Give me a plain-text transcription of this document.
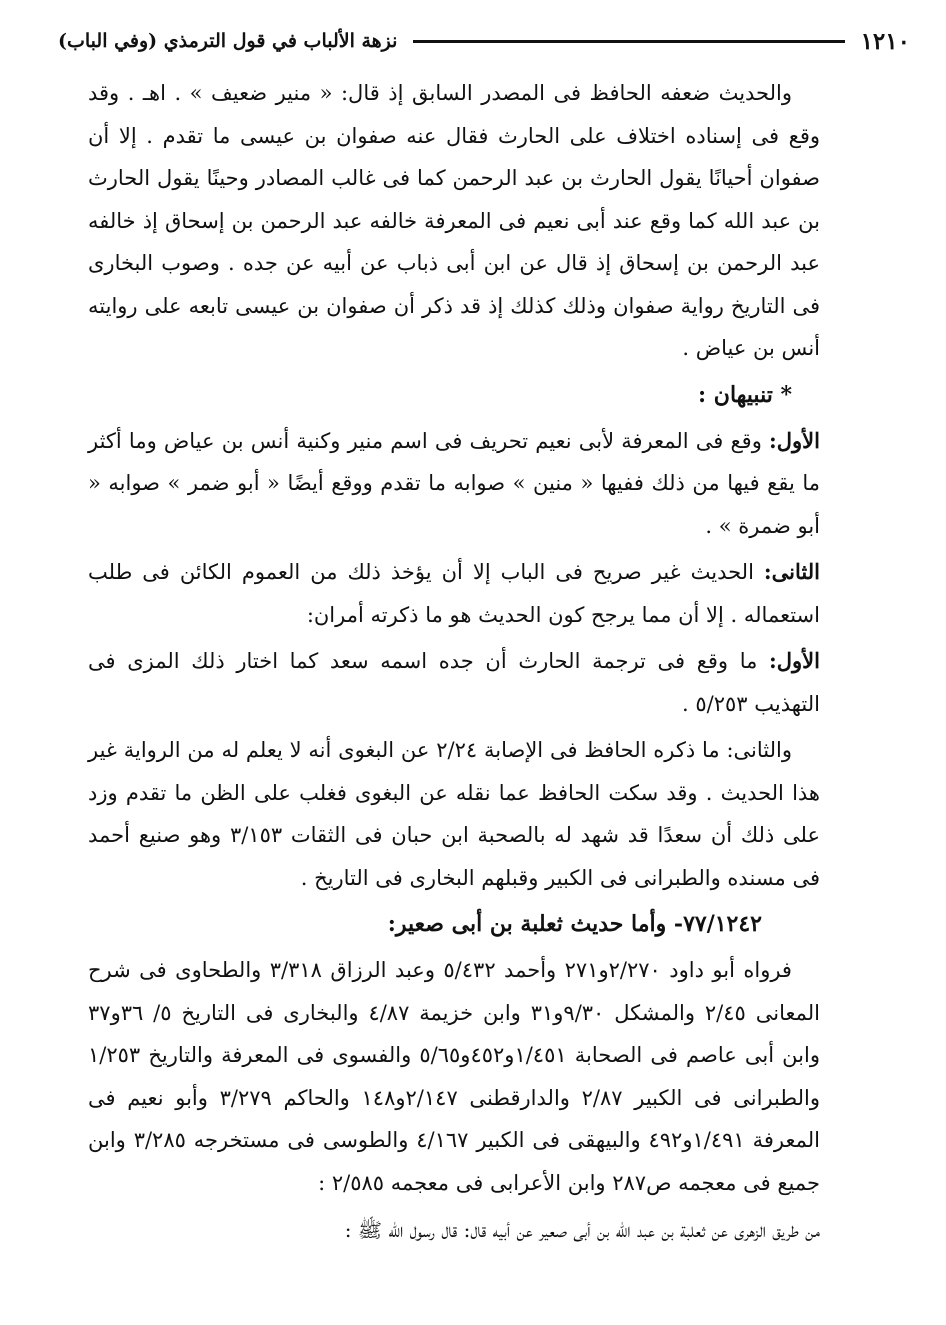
١٢١٠
نزهة الألباب في قول الترمذي (وفي الباب)

والحديث ضعفه الحافظ فى المصدر السابق إذ قال: « منير ضعيف » . اهـ . وقد وقع فى إسناده اختلاف على الحارث فقال عنه صفوان بن عيسى ما تقدم . إلا أن صفوان أحيانًا يقول الحارث بن عبد الرحمن كما فى غالب المصادر وحينًا يقول الحارث بن عبد الله كما وقع عند أبى نعيم فى المعرفة خالفه عبد الرحمن بن إسحاق إذ خالفه عبد الرحمن بن إسحاق إذ قال عن ابن أبى ذباب عن أبيه عن جده . وصوب البخارى فى التاريخ رواية صفوان وذلك كذلك إذ قد ذكر أن صفوان بن عيسى تابعه على روايته أنس بن عياض .

* تنبيهان :

الأول: وقع فى المعرفة لأبى نعيم تحريف فى اسم منير وكنية أنس بن عياض وما أكثر ما يقع فيها من ذلك ففيها « منين » صوابه ما تقدم ووقع أيضًا « أبو ضمر » صوابه « أبو ضمرة » .

الثانى: الحديث غير صريح فى الباب إلا أن يؤخذ ذلك من العموم الكائن فى طلب استعماله . إلا أن مما يرجح كون الحديث هو ما ذكرته أمران:

الأول: ما وقع فى ترجمة الحارث أن جده اسمه سعد كما اختار ذلك المزى فى التهذيب ٥/٢٥٣ .

والثانى: ما ذكره الحافظ فى الإصابة ٢/٢٤ عن البغوى أنه لا يعلم له من الرواية غير هذا الحديث . وقد سكت الحافظ عما نقله عن البغوى فغلب على الظن ما تقدم وزد على ذلك أن سعدًا قد شهد له بالصحبة ابن حبان فى الثقات ٣/١٥٣ وهو صنيع أحمد فى مسنده والطبرانى فى الكبير وقبلهم البخارى فى التاريخ .

٧٧/١٢٤٢- وأما حديث ثعلبة بن أبى صعير:

فرواه أبو داود ٢/٢٧٠و٢٧١ وأحمد ٥/٤٣٢ وعبد الرزاق ٣/٣١٨ والطحاوى فى شرح المعانى ٢/٤٥ والمشكل ٩/٣٠و٣١ وابن خزيمة ٤/٨٧ والبخارى فى التاريخ ٥/ ٣٦و٣٧ وابن أبى عاصم فى الصحابة ١/٤٥١و٤٥٢و٥/٦٥ والفسوى فى المعرفة والتاريخ ١/٢٥٣ والطبرانى فى الكبير ٢/٨٧ والدارقطنى ٢/١٤٧و١٤٨ والحاكم ٣/٢٧٩ وأبو نعيم فى المعرفة ١/٤٩١و٤٩٢ والبيهقى فى الكبير ٤/١٦٧ والطوسى فى مستخرجه ٣/٢٨٥ وابن جميع فى معجمه ص٢٨٧ وابن الأعرابى فى معجمه ٢/٥٨٥ :

من طريق الزهرى عن ثعلبة بن عبد الله بن أبى صعير عن أبيه قال: قال رسول الله ﷺ :
